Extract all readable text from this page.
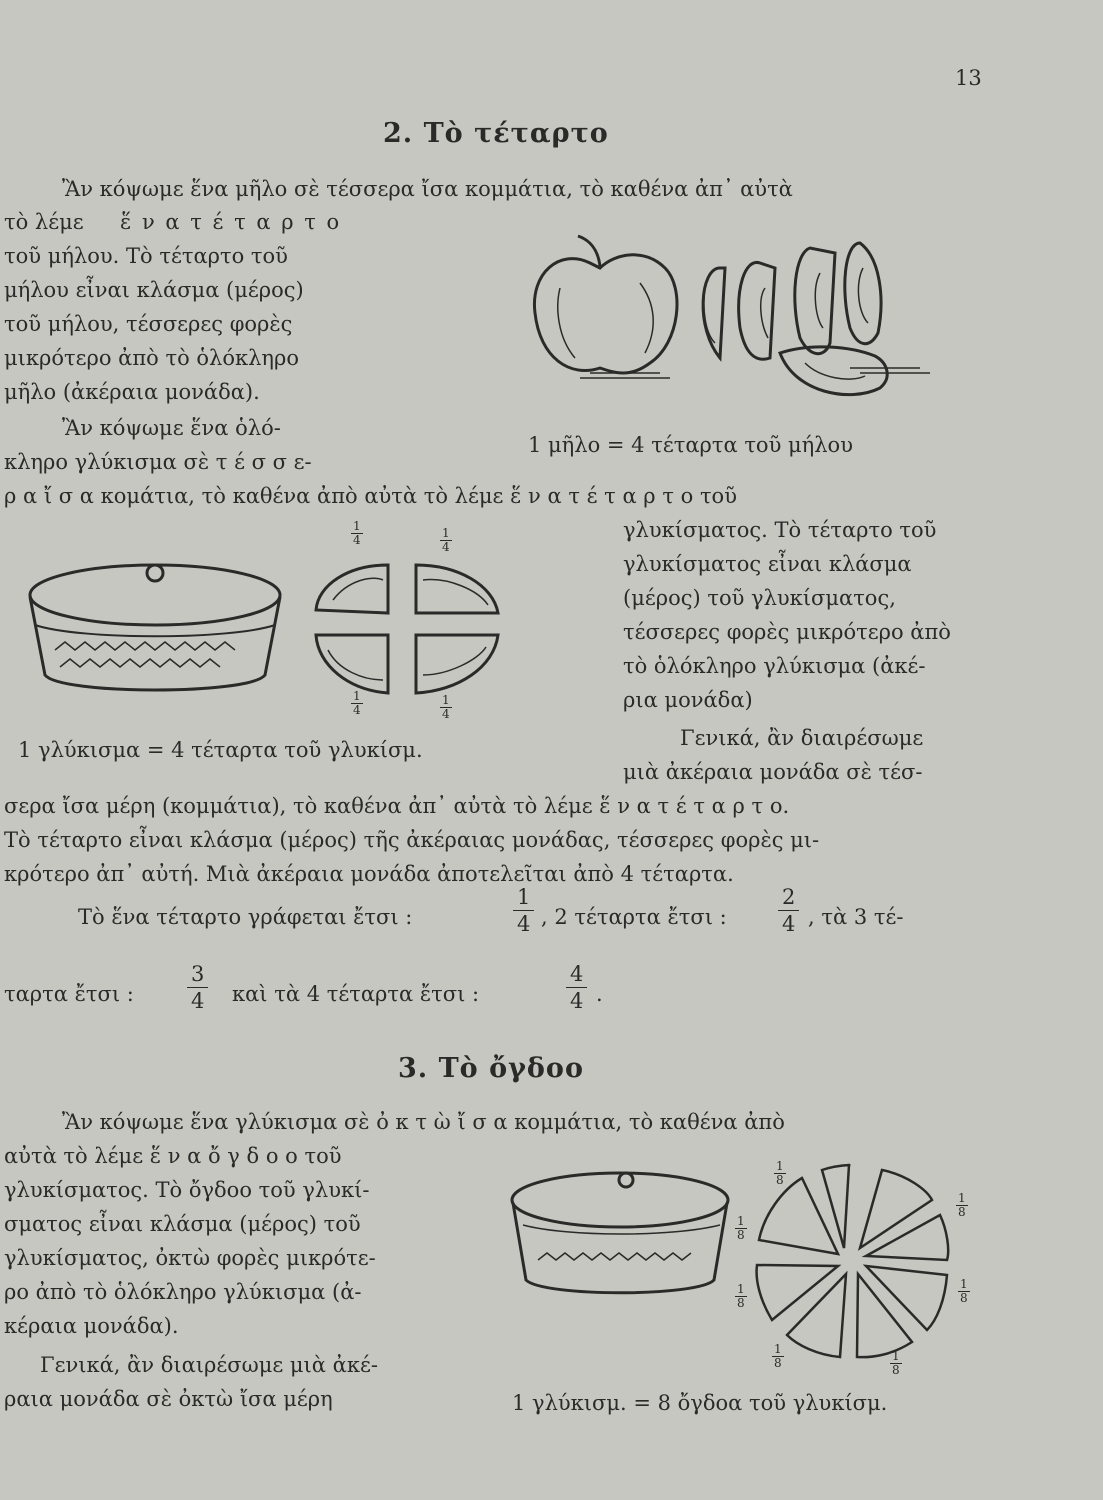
13
2. Τὸ τέταρτο
Ἂν κόψωμε ἕνα μῆλο σὲ τέσσερα ἴσα κομμάτια, τὸ καθένα ἀπ᾽ αὐτὰ
τὸ λέμε ἕ ν α τ έ τ α ρ τ ο
τοῦ μήλου. Τὸ τέταρτο τοῦ
μήλου εἶναι κλάσμα (μέρος)
τοῦ μήλου, τέσσερες φορὲς
μικρότερο ἀπὸ τὸ ὁλόκληρο
μῆλο (ἀκέραια μονάδα).
1 μῆλο = 4 τέταρτα τοῦ μήλου
Ἂν κόψωμε ἕνα ὁλό-
κληρο γλύκισμα σὲ τ έ σ σ ε-
ρ α ἴ σ α κομάτια, τὸ καθένα ἀπὸ αὐτὰ τὸ λέμε ἕ ν α τ έ τ α ρ τ ο τοῦ
1
4	1
4
1
4
1
4
γλυκίσματος. Τὸ τέταρτο τοῦ
γλυκίσματος εἶναι κλάσμα
(μέρος) τοῦ γλυκίσματος,
τέσσερες φορὲς μικρότερο ἀπὸ
τὸ ὁλόκληρο γλύκισμα (ἀκέ-
ρια μονάδα)
1 γλύκισμα = 4 τέταρτα τοῦ γλυκίσμ.	Γενικά, ἂν διαιρέσωμε
μιὰ ἀκέραια μονάδα σὲ τέσ-
σερα ἴσα μέρη (κομμάτια), τὸ καθένα ἀπ᾽ αὐτὰ τὸ λέμε ἕ ν α τ έ τ α ρ τ ο.
Τὸ τέταρτο εἶναι κλάσμα (μέρος) τῆς ἀκέραιας μονάδας, τέσσερες φορὲς μι-
κρότερο ἀπ᾽ αὐτή. Μιὰ ἀκέραια μονάδα ἀποτελεῖται ἀπὸ 4 τέταρτα.
Τὸ ἕνα τέταρτο γράφεται ἔτσι :	$\frac{1}{4}$ , 2 τέταρτα ἔτσι : $\frac{2}{4}$ , τὰ 3 τέ-
ταρτα ἔτσι :	$\frac{3}{4}$ καὶ τὰ 4 τέταρτα ἔτσι :	$\frac{4}{4}$ .
3. Τὸ ὄγδοο
Ἂν κόψωμε ἕνα γλύκισμα σὲ ὀ κ τ ὼ ἴ σ α κομμάτια, τὸ καθένα ἀπὸ
αὐτὰ τὸ λέμε ἕ ν α ὄ γ δ ο ο τοῦ
γλυκίσματος. Τὸ ὄγδοο τοῦ γλυκί-
σματος εἶναι κλάσμα (μέρος) τοῦ
γλυκίσματος, ὀκτὼ φορὲς μικρότε-
ρο ἀπὸ τὸ ὁλόκληρο γλύκισμα (ἀ-
κέραια μονάδα).
Γενικά, ἂν διαιρέσωμε μιὰ ἀκέ-
ραια μονάδα σὲ ὀκτὼ ἴσα μέρη
1
8
1
8
1
8
1
8
1
8
1
8	1
8
1 γλύκισμ. = 8 ὄγδοα τοῦ γλυκίσμ.
